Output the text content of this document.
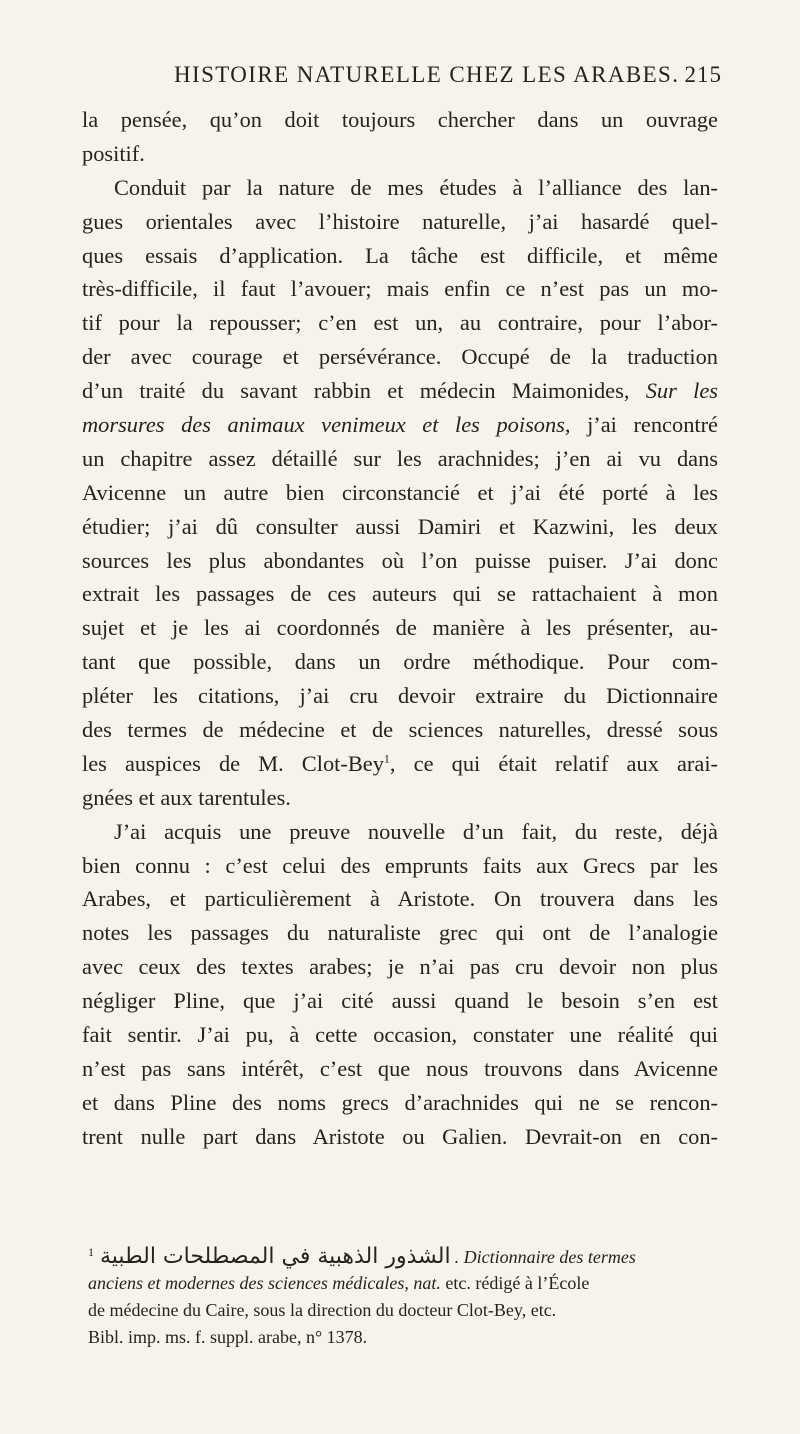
HISTOIRE NATURELLE CHEZ LES ARABES. 215
la pensée, qu’on doit toujours chercher dans un ouvrage
positif.
Conduit par la nature de mes études à l’alliance des lan-
gues orientales avec l’histoire naturelle, j’ai hasardé quel-
ques essais d’application. La tâche est difficile, et même
très-difficile, il faut l’avouer; mais enfin ce n’est pas un mo-
tif pour la repousser; c’en est un, au contraire, pour l’abor-
der avec courage et persévérance. Occupé de la traduction
d’un traité du savant rabbin et médecin Maimonides, Sur les
morsures des animaux venimeux et les poisons, j’ai rencontré
un chapitre assez détaillé sur les arachnides; j’en ai vu dans
Avicenne un autre bien circonstancié et j’ai été porté à les
étudier; j’ai dû consulter aussi Damiri et Kazwini, les deux
sources les plus abondantes où l’on puisse puiser. J’ai donc
extrait les passages de ces auteurs qui se rattachaient à mon
sujet et je les ai coordonnés de manière à les présenter, au-
tant que possible, dans un ordre méthodique. Pour com-
pléter les citations, j’ai cru devoir extraire du Dictionnaire
des termes de médecine et de sciences naturelles, dressé sous
les auspices de M. Clot-Bey$^1$, ce qui était relatif aux arai-
gnées et aux tarentules.
J’ai acquis une preuve nouvelle d’un fait, du reste, déjà
bien connu : c’est celui des emprunts faits aux Grecs par les
Arabes, et particulièrement à Aristote. On trouvera dans les
notes les passages du naturaliste grec qui ont de l’analogie
avec ceux des textes arabes; je n’ai pas cru devoir non plus
négliger Pline, que j’ai cité aussi quand le besoin s’en est
fait sentir. J’ai pu, à cette occasion, constater une réalité qui
n’est pas sans intérêt, c’est que nous trouvons dans Avicenne
et dans Pline des noms grecs d’arachnides qui ne se rencon-
trent nulle part dans Aristote ou Galien. Devrait-on en con-
$^1$ الشذور الذهبية في المصطلحات الطبية . Dictionnaire des termes
anciens et modernes des sciences médicales, nat. etc. rédigé à l’École
de médecine du Caire, sous la direction du docteur Clot-Bey, etc.
Bibl. imp. ms. f. suppl. arabe, n° 1378.
